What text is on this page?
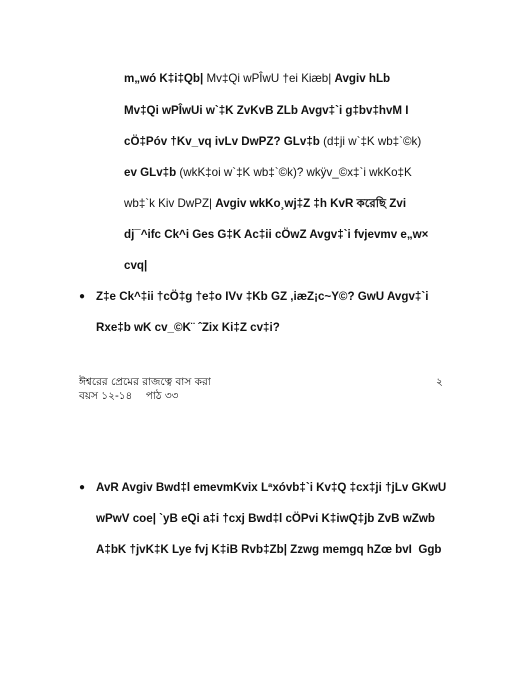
m„wó K‡i‡Qb| Mv‡Qi wPÎwU †ei Kiæb| Avgiv hLb
Mv‡Qi wPÎwUi w`‡K ZvKvB ZLb Avgv‡`i g‡bv‡hvM I
cÖ‡Póv †Kv_vq ivLv DwPZ? GLv‡b (d‡ji w`‡K wb‡`©k)
ev GLv‡b (wkK‡oi w`‡K wb‡`©k)? wkÿv_©x‡`i wkKo‡K
wb‡`k Kiv DwPZ| Avgiv wkKo¸wj‡Z ‡h KvR করেছি Zvi
dj¯^ifc Ck^i Ges G‡K Ac‡ii cÖwZ Avgv‡`i fvjevmv e„w×
cvq|
● Z‡e Ck^‡ii †cÖ‡g †e‡o IVv ‡Kb GZ ,iæZ¡c~Y©? GwU Avgv‡`i
Rxe‡b wK cv_©K¨ ˆZix Ki‡Z cv‡i?
ঈশ্বরের প্রেমের রাজত্বে বাস করা
বয়স ১২-১৪    পাঠ ৩৩
২
● AvR Avgiv Bwd‡l emevmKvix Lªxóvb‡`i Kv‡Q ‡cx‡ji †jLv GKwU
wPwV coe| `yB eQi a‡i †cxj Bwd‡l cÖPvi K‡iwQ‡jb ZvB wZwb
A‡bK †jvK‡K Lye fvj K‡iB Rvb‡Zb| Zzwg memgq hZœ bvI  Ggb
